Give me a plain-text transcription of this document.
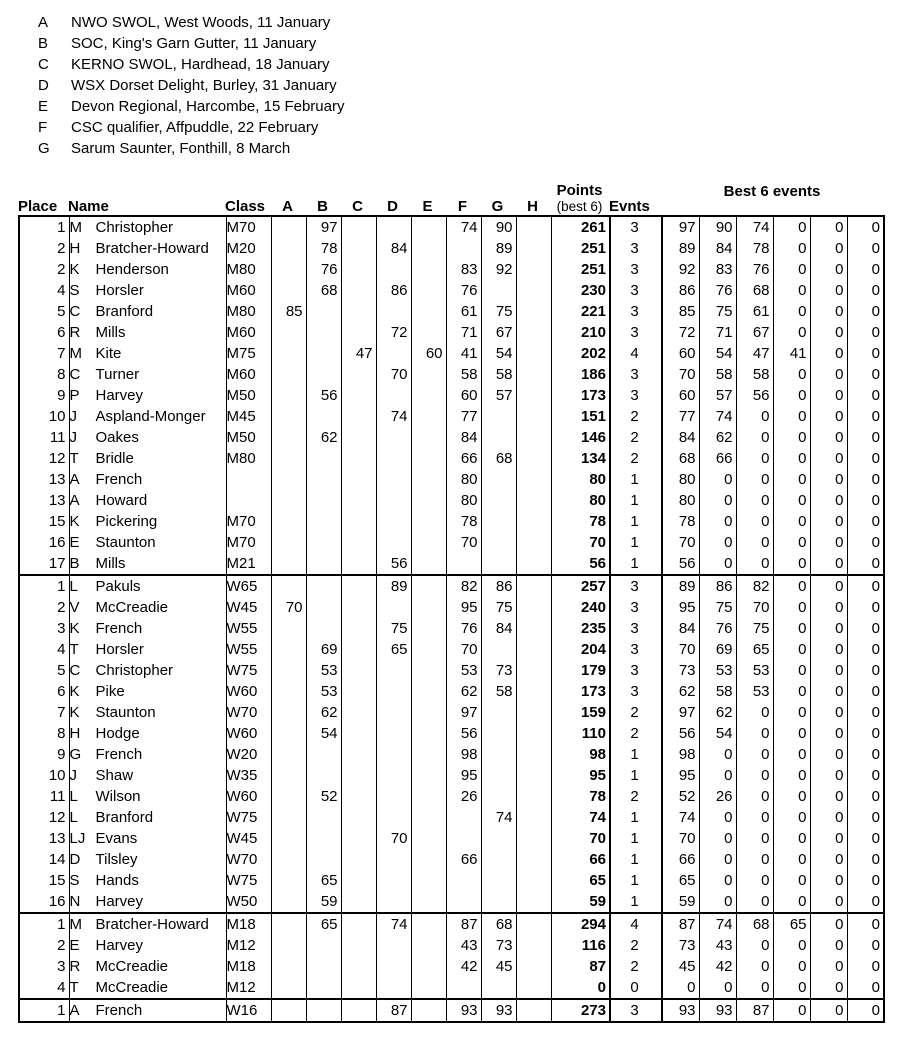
A	NWO SWOL, West Woods, 11 January
B	SOC, King's Garn Gutter, 11 January
C	KERNO SWOL, Hardhead, 18 January
D	WSX Dorset Delight, Burley, 31 January
E	Devon Regional, Harcombe, 15 February
F	CSC qualifier, Affpuddle, 22 February
G	Sarum Saunter, Fonthill, 8 March
Place	Name	Class	A	B	C	D	E	F	G	H	
Points
(best 6)	Evnts	Best 6 events
1	M Christopher	M70		97				74	90		261	3	97	90	74	0	0	0
2	H Bratcher-Howard	M20		78		84			89		251	3	89	84	78	0	0	0
2	K Henderson	M80		76				83	92		251	3	92	83	76	0	0	0
4	S Horsler	M60		68		86		76			230	3	86	76	68	0	0	0
5	C Branford	M80	85					61	75		221	3	85	75	61	0	0	0
6	R Mills	M60				72		71	67		210	3	72	71	67	0	0	0
7	M Kite	M75			47		60	41	54		202	4	60	54	47	41	0	0
8	C Turner	M60				70		58	58		186	3	70	58	58	0	0	0
9	P Harvey	M50		56				60	57		173	3	60	57	56	0	0	0
10	J Aspland-Monger	M45				74		77			151	2	77	74	0	0	0	0
11	J Oakes	M50		62				84			146	2	84	62	0	0	0	0
12	T Bridle	M80						66	68		134	2	68	66	0	0	0	0
13	A French							80			80	1	80	0	0	0	0	0
13	A Howard							80			80	1	80	0	0	0	0	0
15	K Pickering	M70						78			78	1	78	0	0	0	0	0
16	E Staunton	M70						70			70	1	70	0	0	0	0	0
17	B Mills	M21				56					56	1	56	0	0	0	0	0
1	L Pakuls	W65				89		82	86		257	3	89	86	82	0	0	0
2	V McCreadie	W45	70					95	75		240	3	95	75	70	0	0	0
3	K French	W55				75		76	84		235	3	84	76	75	0	0	0
4	T Horsler	W55		69		65		70			204	3	70	69	65	0	0	0
5	C Christopher	W75		53				53	73		179	3	73	53	53	0	0	0
6	K Pike	W60		53				62	58		173	3	62	58	53	0	0	0
7	K Staunton	W70		62				97			159	2	97	62	0	0	0	0
8	H Hodge	W60		54				56			110	2	56	54	0	0	0	0
9	G French	W20						98			98	1	98	0	0	0	0	0
10	J Shaw	W35						95			95	1	95	0	0	0	0	0
11	L Wilson	W60		52				26			78	2	52	26	0	0	0	0
12	L Branford	W75							74		74	1	74	0	0	0	0	0
13	LJ Evans	W45				70					70	1	70	0	0	0	0	0
14	D Tilsley	W70						66			66	1	66	0	0	0	0	0
15	S Hands	W75		65							65	1	65	0	0	0	0	0
16	N Harvey	W50		59							59	1	59	0	0	0	0	0
1	M Bratcher-Howard	M18		65		74		87	68		294	4	87	74	68	65	0	0
2	E Harvey	M12						43	73		116	2	73	43	0	0	0	0
3	R McCreadie	M18						42	45		87	2	45	42	0	0	0	0
4	T McCreadie	M12									0	0	0	0	0	0	0	0
1	A French	W16				87		93	93		273	3	93	93	87	0	0	0
